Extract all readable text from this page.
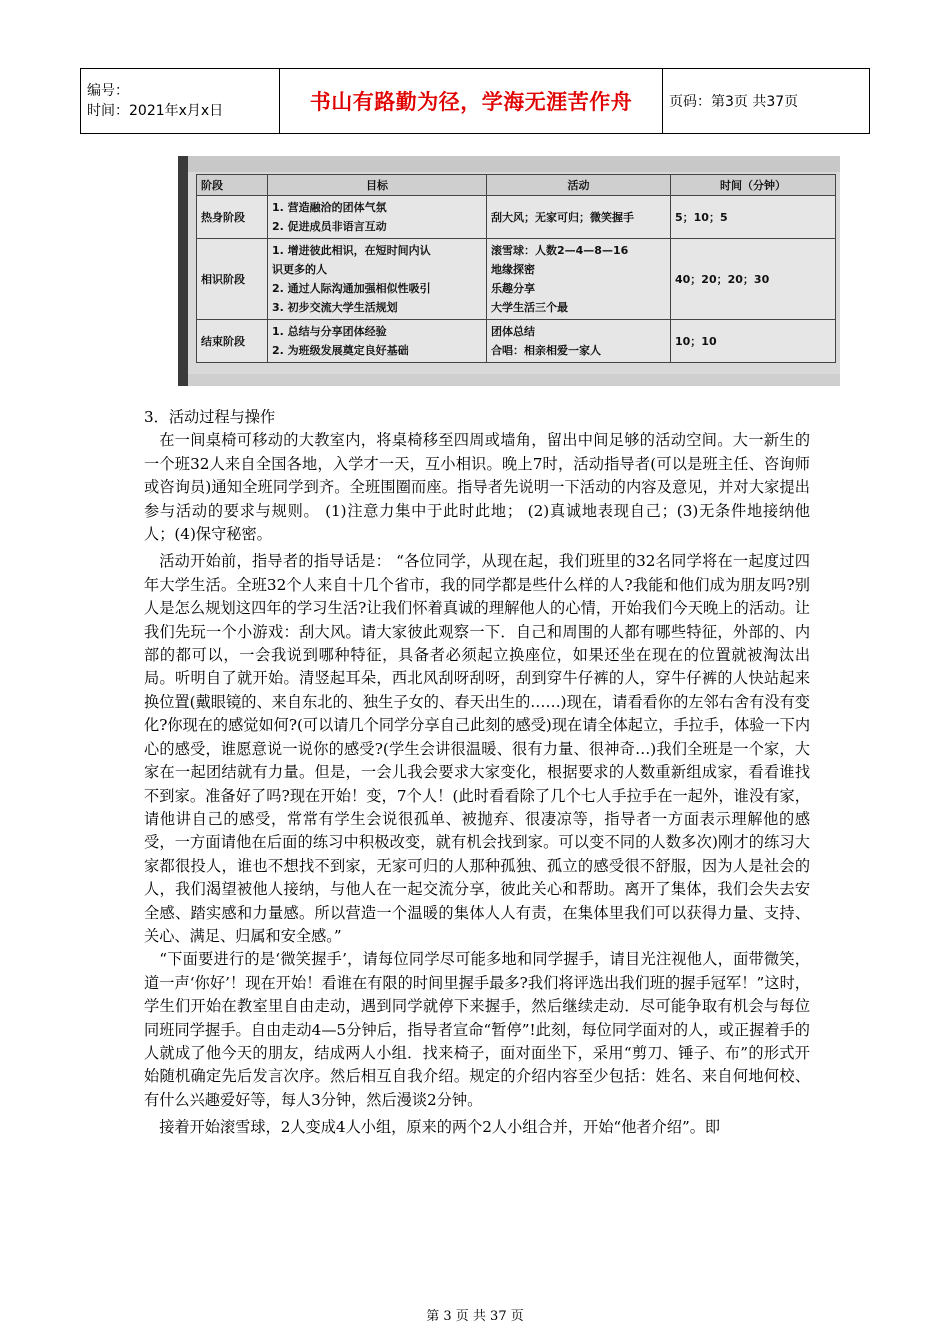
编号：
时间：2021年x月x日	书山有路勤为径，学海无涯苦作舟	页码：第3页 共37页
阶段	目标	活动	时间（分钟）
热身阶段	1. 营造融洽的团体气氛
2. 促进成员非语言互动	刮大风；无家可归；微笑握手	5；10；5
相识阶段	1. 增进彼此相识，在短时间内认
识更多的人
2. 通过人际沟通加强相似性吸引
3. 初步交流大学生活规划	滚雪球：人数2—4—8—16
地缘探密
乐趣分享
大学生活三个最	40；20；20；30
结束阶段	1. 总结与分享团体经验
2. 为班级发展奠定良好基础	团体总结
合唱：相亲相爱一家人	10；10

3．活动过程与操作

在一间桌椅可移动的大教室内，将桌椅移至四周或墙角，留出中间足够的活动空间。大一新生的一个班32人来自全国各地，入学才一天，互小相识。晚上7时，活动指导者(可以是班主任、咨询师或咨询员)通知全班同学到齐。全班围圈而座。指导者先说明一下活动的内容及意见，并对大家提出参与活动的要求与规则。 (1)注意力集中于此时此地； (2)真诚地表现自己；(3)无条件地接纳他人；(4)保守秘密。

活动开始前，指导者的指导话是： “各位同学，从现在起，我们班里的32名同学将在一起度过四年大学生活。全班32个人来自十几个省市，我的同学都是些什么样的人?我能和他们成为朋友吗?别人是怎么规划这四年的学习生活?让我们怀着真诚的理解他人的心情，开始我们今天晚上的活动。让我们先玩一个小游戏：刮大风。请大家彼此观察一下．自己和周围的人都有哪些特征，外部的、内部的都可以，一会我说到哪种特征，具备者必须起立换座位，如果还坐在现在的位置就被淘汰出局。听明自了就开始。清竖起耳朵，西北风刮呀刮呀，刮到穿牛仔裤的人，穿牛仔裤的人快站起来换位置(戴眼镜的、来自东北的、独生子女的、春天出生的……)现在，请看看你的左邻右舍有没有变化?你现在的感觉如何?(可以请几个同学分享自己此刻的感受)现在请全体起立，手拉手，体验一下内心的感受，谁愿意说一说你的感受?(学生会讲很温暖、很有力量、很神奇…)我们全班是一个家，大家在一起团结就有力量。但是，一会儿我会要求大家变化，根据要求的人数重新组成家，看看谁找不到家。准备好了吗?现在开始！变，7个人！(此时看看除了几个七人手拉手在一起外，谁没有家，请他讲自己的感受，常常有学生会说很孤单、被抛弃、很凄凉等，指导者一方面表示理解他的感受，一方面请他在后面的练习中积极改变，就有机会找到家。可以变不同的人数多次)刚才的练习大家都很投人，谁也不想找不到家，无家可归的人那种孤独、孤立的感受很不舒服，因为人是社会的人，我们渴望被他人接纳，与他人在一起交流分享，彼此关心和帮助。离开了集体，我们会失去安全感、踏实感和力量感。所以营造一个温暖的集体人人有责，在集体里我们可以获得力量、支持、关心、满足、归属和安全感。”

“下面要进行的是‘微笑握手’，请每位同学尽可能多地和同学握手，请目光注视他人，面带微笑，道一声‘你好’！现在开始！看谁在有限的时间里握手最多?我们将评选出我们班的握手冠军！”这时，学生们开始在教室里自由走动，遇到同学就停下来握手，然后继续走动．尽可能争取有机会与每位同班同学握手。自由走动4—5分钟后，指导者宣命“暂停”!此刻，每位同学面对的人，或正握着手的人就成了他今天的朋友，结成两人小组．找来椅子，面对面坐下，采用“剪刀、锤子、布”的形式开始随机确定先后发言次序。然后相互自我介绍。规定的介绍内容至少包括：姓名、来自何地何校、有什么兴趣爱好等，每人3分钟，然后漫谈2分钟。

接着开始滚雪球，2人变成4人小组，原来的两个2人小组合并，开始“他者介绍”。即

第 3 页 共 37 页
